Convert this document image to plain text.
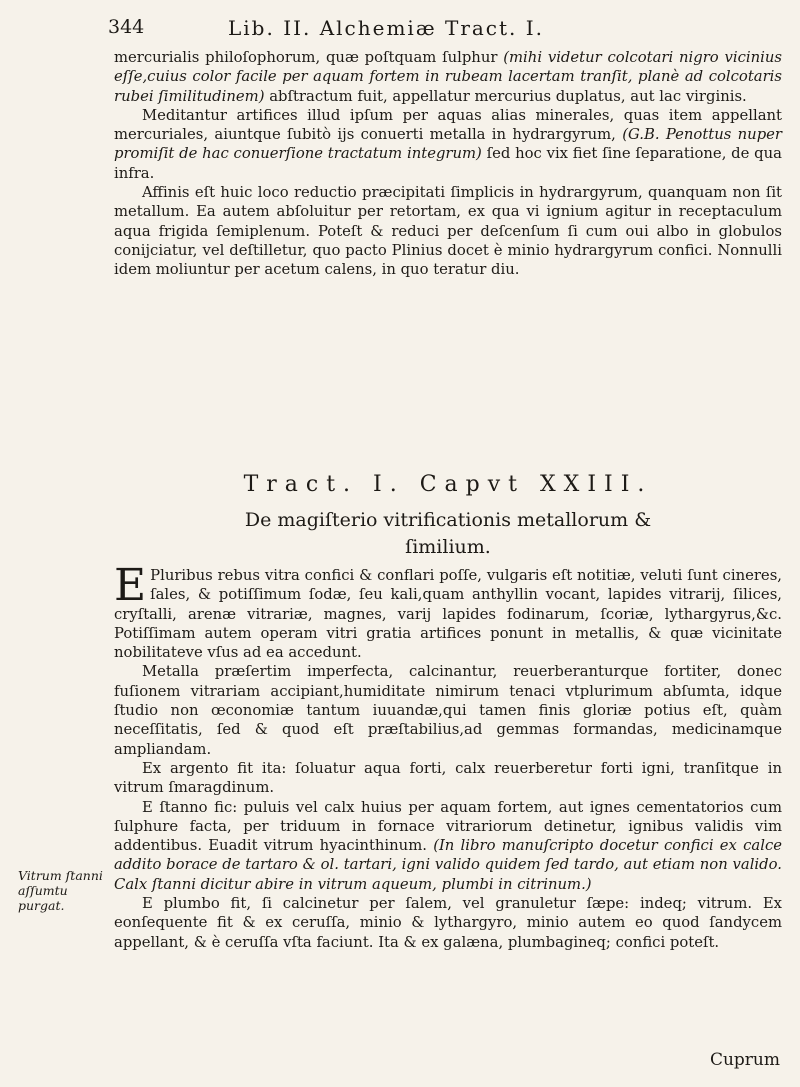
344	Lib. II. Alchemiæ Tract. I.

mercurialis philoſophorum, quæ poſtquam ſulphur (mihi videtur colcotari nigro vicinius eſſe,cuius color facile per aquam fortem in rubeam lacertam tranſit, planè ad colcotaris rubei ſimilitudinem) abſtractum fuit, appellatur mercurius duplatus, aut lac virginis.

Meditantur artifices illud ipſum per aquas alias minerales, quas item appellant mercuriales, aiuntque ſubitò ijs conuerti metalla in hydrargyrum, (G.B. Penottus nuper promiſit de hac conuerſione tractatum integrum) ſed hoc vix fiet ſine ſeparatione, de qua infra.

Affinis eſt huic loco reductio præcipitati ſimplicis in hydrargyrum, quanquam non ſit metallum. Ea autem abſoluitur per retortam, ex qua vi ignium agitur in receptaculum aqua frigida ſemiplenum. Poteſt & reduci per deſcenſum ſi cum oui albo in globulos conijciatur, vel deſtilletur, quo pacto Plinius docet è minio hydrargyrum confici. Nonnulli idem moliuntur per acetum calens, in quo teratur diu.

Tract. I. Capvt XXIII.
De magiſterio vitrificationis metallorum &
ſimilium.

E Pluribus rebus vitra confici & conflari poſſe, vulgaris eſt notitiæ, veluti ſunt cineres, ſales, & potiſſimum ſodæ, ſeu kali,quam anthyllin vocant, lapides vitrarij, ſilices, cryſtalli, arenæ vitrariæ, magnes, varij lapides fodinarum, ſcoriæ, lythargyrus,&c. Potiſſimam autem operam vitri gratia artifices ponunt in metallis, & quæ vicinitate nobilitateve vſus ad ea accedunt.

Metalla præſertim imperfecta, calcinantur, reuerberanturque fortiter, donec fuſionem vitrariam accipiant,humiditate nimirum tenaci vtplurimum abſumta, idque ſtudio non œconomiæ tantum iuuandæ,qui tamen finis gloriæ potius eſt, quàm neceſſitatis, ſed & quod eſt præſtabilius,ad gemmas formandas, medicinamque ampliandam.

Ex argento fit ita: ſoluatur aqua forti, calx reuerberetur forti igni, tranſitque in vitrum ſmaragdinum.

E ſtanno fic: puluis vel calx huius per aquam fortem, aut ignes cementatorios cum ſulphure facta, per triduum in fornace vitrariorum detinetur, ignibus validis vim addentibus. Euadit vitrum hyacinthinum. (In libro manuſcripto docetur confici ex calce addito borace de tartaro & ol. tartari, igni valido quidem ſed tardo, aut etiam non valido. Calx ſtanni dicitur abire in vitrum aqueum, plumbi in citrinum.)

E plumbo fit, ſi calcinetur per ſalem, vel granuletur ſæpe: indeq; vitrum. Ex eonſequente fit & ex ceruſſa, minio & lythargyro, minio autem eo quod ſandycem appellant, & è ceruſſa vſta faciunt. Ita & ex galæna, plumbagineq; confici poteſt.

Vitrum ſtanni aſſumtu purgat.
Cuprum
